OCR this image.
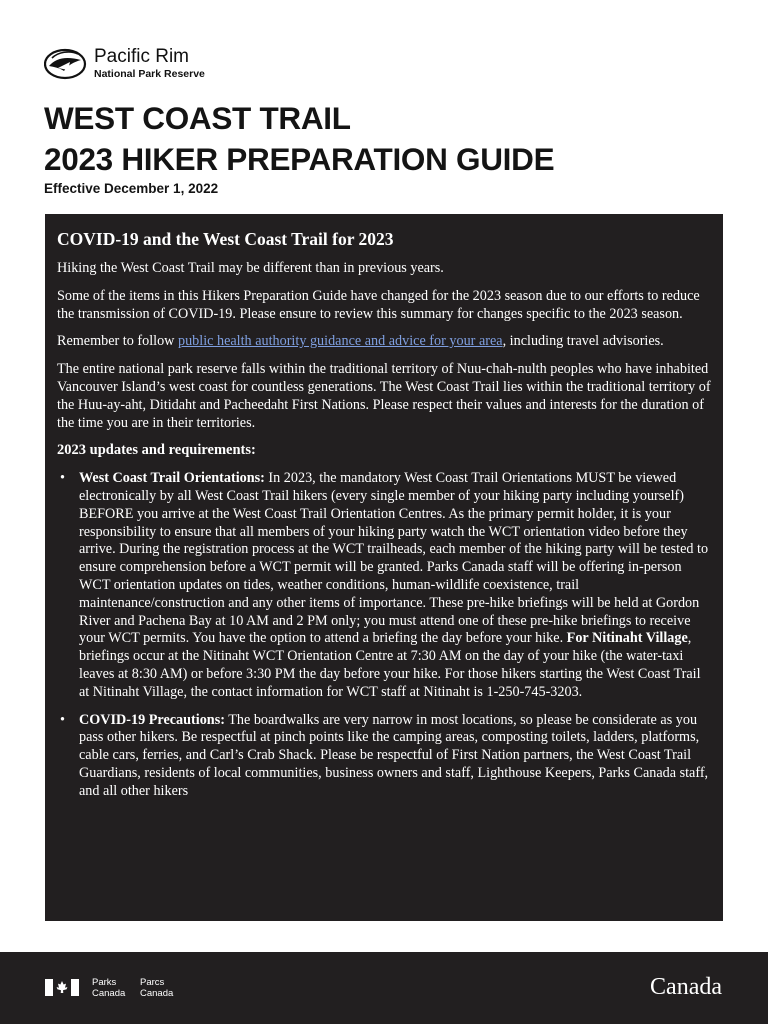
Pacific Rim
National Park Reserve
WEST COAST TRAIL
2023 HIKER PREPARATION GUIDE
Effective December 1, 2022
COVID-19 and the West Coast Trail for 2023

Hiking the West Coast Trail may be different than in previous years.

Some of the items in this Hikers Preparation Guide have changed for the 2023 season due to our efforts to reduce the transmission of COVID-19. Please ensure to review this summary for changes specific to the 2023 season.

Remember to follow public health authority guidance and advice for your area, including travel advisories.

The entire national park reserve falls within the traditional territory of Nuu-chah-nulth peoples who have inhabited Vancouver Island’s west coast for countless generations. The West Coast Trail lies within the traditional territory of the Huu-ay-aht, Ditidaht and Pacheedaht First Nations. Please respect their values and interests for the duration of the time you are in their territories.

2023 updates and requirements:
• West Coast Trail Orientations: In 2023, the mandatory West Coast Trail Orientations MUST be viewed electronically by all West Coast Trail hikers (every single member of your hiking party including yourself) BEFORE you arrive at the West Coast Trail Orientation Centres. As the primary permit holder, it is your responsibility to ensure that all members of your hiking party watch the WCT orientation video before they arrive. During the registration process at the WCT trailheads, each member of the hiking party will be tested to ensure comprehension before a WCT permit will be granted. Parks Canada staff will be offering in-person WCT orientation updates on tides, weather conditions, human-wildlife coexistence, trail maintenance/construction and any other items of importance. These pre-hike briefings will be held at Gordon River and Pachena Bay at 10 AM and 2 PM only; you must attend one of these pre-hike briefings to receive your WCT permits. You have the option to attend a briefing the day before your hike. For Nitinaht Village, briefings occur at the Nitinaht WCT Orientation Centre at 7:30 AM on the day of your hike (the water-taxi leaves at 8:30 AM) or before 3:30 PM the day before your hike. For those hikers starting the West Coast Trail at Nitinaht Village, the contact information for WCT staff at Nitinaht is 1-250-745-3203.
• COVID-19 Precautions: The boardwalks are very narrow in most locations, so please be considerate as you pass other hikers. Be respectful at pinch points like the camping areas, composting toilets, ladders, platforms, cable cars, ferries, and Carl’s Crab Shack. Please be respectful of First Nation partners, the West Coast Trail Guardians, residents of local communities, business owners and staff, Lighthouse Keepers, Parks Canada staff, and all other hikers
Parks
Canada
Parcs
Canada	Canada
